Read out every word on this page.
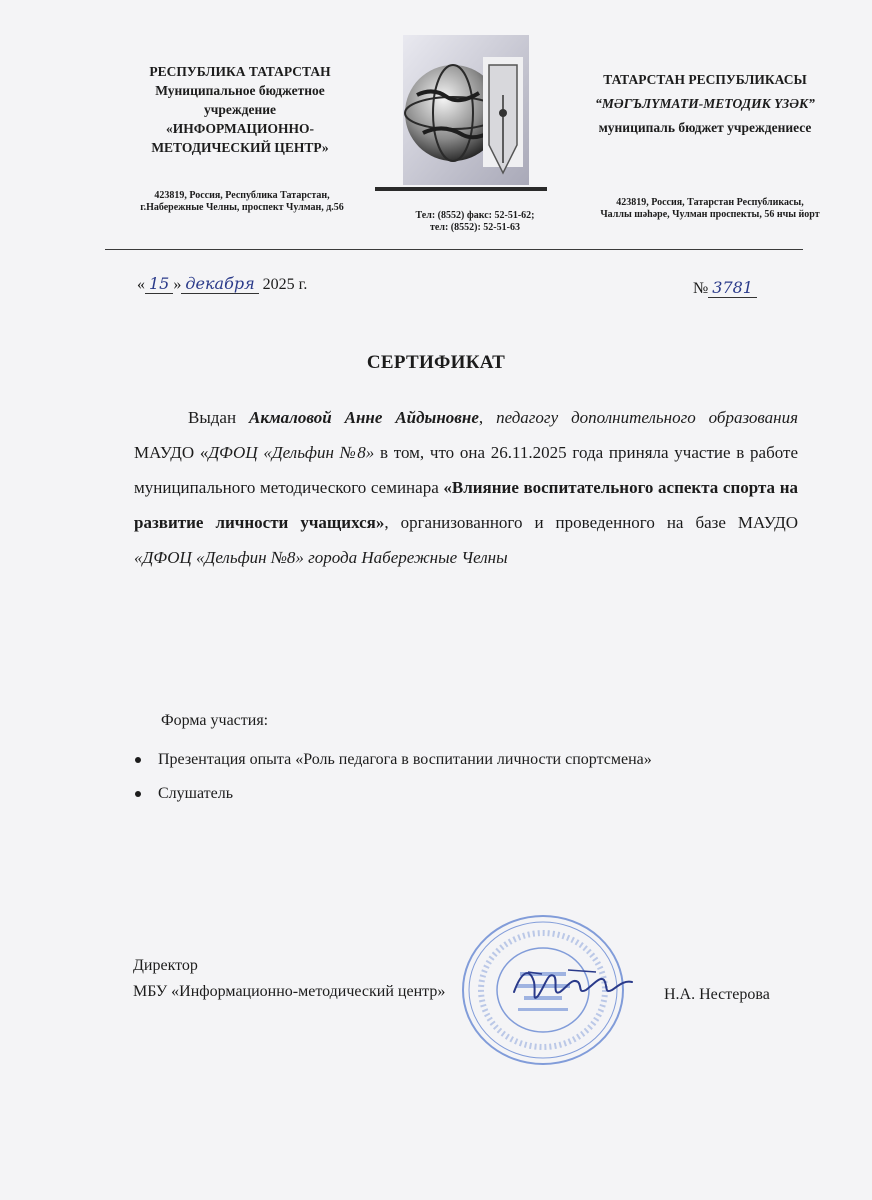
РЕСПУБЛИКА ТАТАРСТАН
Муниципальное бюджетное
учреждение
«ИНФОРМАЦИОННО-
МЕТОДИЧЕСКИЙ ЦЕНТР»
423819, Россия, Республика Татарстан,
г.Набережные Челны, проспект Чулман, д.56
Тел: (8552) факс: 52-51-62;
тел: (8552): 52-51-63
ТАТАРСТАН РЕСПУБЛИКАСЫ
“МӘГЪЛҮМАТИ-МЕТОДИК ҮЗӘК”
муниципаль бюджет учреждениесе
423819, Россия, Татарстан Республикасы,
Чаллы шәһәре, Чулман проспекты, 56 нчы йорт
« 15 » декабря 2025 г.	№ 3781
СЕРТИФИКАТ
Выдан Акмаловой Анне Айдыновне, педагогу дополнительного образования МАУДО «ДФОЦ «Дельфин №8» в том, что она 26.11.2025 года приняла участие в работе муниципального методического семинара «Влияние воспитательного аспекта спорта на развитие личности учащихся», организованного и проведенного на базе МАУДО «ДФОЦ «Дельфин №8» города Набережные Челны
Форма участия:
Презентация опыта «Роль педагога в воспитании личности спортсмена»
Слушатель
Директор
МБУ «Информационно-методический центр»	Н.А. Нестерова
